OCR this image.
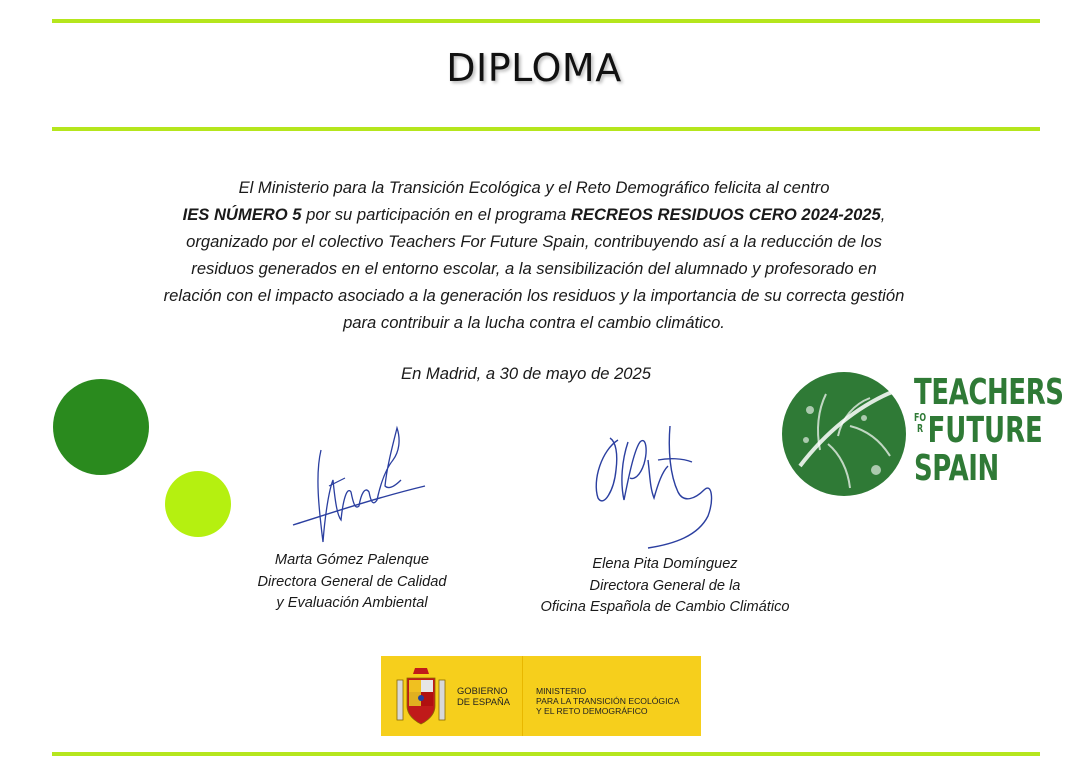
DIPLOMA
El Ministerio para la Transición Ecológica y el Reto Demográfico felicita al centro
IES NÚMERO 5 por su participación en el programa RECREOS RESIDUOS CERO 2024-2025,
organizado por el colectivo Teachers For Future Spain, contribuyendo así a la reducción de los
residuos generados en el entorno escolar, a la sensibilización del alumnado y profesorado en
relación con el impacto asociado a la generación los residuos y la importancia de su correcta gestión
para contribuir a la lucha contra el cambio climático.
En Madrid, a 30 de mayo de 2025
Marta Gómez Palenque
Directora General de Calidad
y Evaluación Ambiental
Elena Pita Domínguez
Directora General de la
Oficina Española de Cambio Climático
TEACHERS
FO
R FUTURE
SPAIN
GOBIERNO
DE ESPAÑA
MINISTERIO
PARA LA TRANSICIÓN ECOLÓGICA
Y EL RETO DEMOGRÁFICO
